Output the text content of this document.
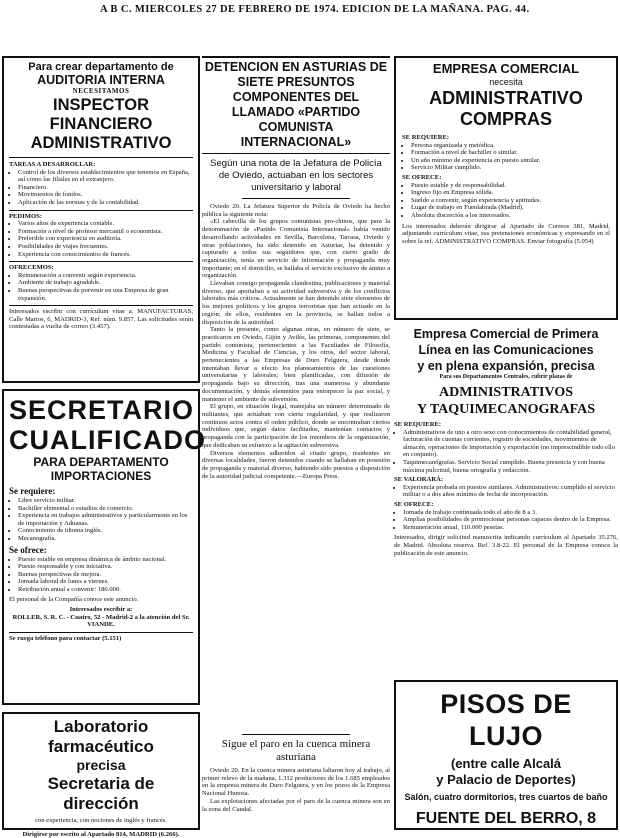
A B C. MIERCOLES 27 DE FEBRERO DE 1974. EDICION DE LA MAÑANA. PAG. 44.
Para crear departamento de
AUDITORIA INTERNA
NECESITAMOS
INSPECTOR FINANCIERO
ADMINISTRATIVO
TAREAS A DESARROLLAR:
• Control de los diversos establecimientos que tenemos en España, así como las filiales en el extranjero.
• Financiero.
• Movimientos de fondos.
• Aplicación de las normas y de la contabilidad.
PEDIMOS:
• Varios años de experiencia contable.
• Formación a nivel de profesor mercantil o economista.
• Preferible con experiencia en auditoría.
• Posibilidades de viajes frecuentes.
• Experiencia con conocimientos de francés.
OFRECEMOS:
• Remuneración a convenir según experiencia.
• Ambiente de trabajo agradable.
• Buenas perspectivas de porvenir en una Empresa de gran expansión.
Interesados escribir con currículum vitae a: MANUFACTURAS, Calle Martos, 6, MADRID-3, Ref. núm. 9.857. Las solicitudes serán contestadas a vuelta de correo (3.457).
SECRETARIO
CUALIFICADO
PARA DEPARTAMENTO
IMPORTACIONES
Se requiere:
• Libre servicio militar.
• Bachiller elemental o estudios de comercio.
• Experiencia en trabajos administrativos y particularmente en los de importación y Aduanas.
• Conocimiento de idioma inglés.
• Mecanografía.
Se ofrece:
• Puesto estable en empresa dinámica de ámbito nacional.
• Puesto responsable y con iniciativa.
• Buenas perspectivas de mejora.
• Jornada laboral de lunes a viernes.
• Retribución anual a convenir: 180.000.
El personal de la Compañía conoce este anuncio.
Interesados escribir a:
ROLLER, S. R. C. - Cuatro, 52 - Madrid-2 a la atención del Sr. VIANDE.
Se ruega teléfono para contactar (5.151)
Laboratorio farmacéutico
precisa
Secretaria de dirección
con experiencia, con nociones de inglés y francés.
Dirigirse por escrito al Apartado 814, MADRID (6.266).
DETENCION EN ASTURIAS DE SIETE PRESUNTOS COMPONENTES DEL LLAMADO «PARTIDO COMUNISTA INTERNACIONAL»
Según una nota de la Jefatura de Policía de Oviedo, actuaban en los sectores universitario y laboral

Oviedo 20. La Jefatura Superior de Policía de Oviedo ha hecho pública la siguiente nota:

«El cabecilla de los grupos comunistas pro-chinos, que para la denominación de «Partido Comunista Internacional» había venido desarrollando actividades en Sevilla, Barcelona, Tarrasa, Oviedo y otras poblaciones, ha sido detenido en Asturias, ha detenido y capturado a todos sus seguidores que, con cierto grado de organización, tenía un servicio de información y propaganda muy importante; en el domicilio, se hallaba el servicio exclusivo de ánimo a organización.

Llevaban consigo propaganda clandestina, publicaciones y material diverso, que aportaban a su actividad subversiva y de los conflictos laborales más críticos. Actualmente se han detenido siete elementos de los mejores políticos y los grupos terroristas que han actuado en la región; de ellos, residentes en la provincia, se hallan todos a disposición de la autoridad.

Tanto la presente, como algunas otras, en número de siete, se practicaron en Oviedo, Gijón y Avilés, las primeras, componentes del partido comunista, pertenecientes a las Facultades de Filosofía, Medicina y Facultad de Ciencias, y los otros, del sector laboral, pertenecientes a las Empresas de Duro Felguera, desde donde intentaban llevar a efecto los planteamientos de las cuestiones universitarias y laborales; bien planificadas, con difusión de propaganda bajo su dirección, tras una numerosa y abundante documentación, y demás elementos para entorpecer la paz social, y mantener el ambiente de subversión.

El grupo, en situación ilegal, manejaba un número determinado de militantes, que actuaban con cierta regularidad, y que realizaron continuos actos contra el orden público, donde se encontraban ciertos individuos que, según datos facilitados, mantenían contactos y propaganda con la participación de los miembros de la organización, que dedicaban su esfuerzo a la agitación subversiva.

Diversos elementos adheridos al citado grupo, residentes en diversas localidades, fueron detenidos cuando se hallaban en posesión de propaganda y material diverso, habiendo sido puestos a disposición de la autoridad judicial competente.—Europa Press.

Sigue el paro en la cuenca minera asturiana

Oviedo 20. En la cuenca minera asturiana faltaron hoy al trabajo, al primer relevo de la mañana, 1.312 productores de los 1.685 empleados en la empresa minera de Duro Felguera, y en los pozos de la Empresa Nacional Hunosa.

Las explotaciones afectadas por el paro de la cuenca minera son en la zona del Caudal.

EMPRESA COMERCIAL
necesita
ADMINISTRATIVO
COMPRAS
SE REQUIERE:
• Persona organizada y metódica.
• Formación a nivel de bachiller o similar.
• Un año mínimo de experiencia en puesto similar.
• Servicio Militar cumplido.
SE OFRECE:
• Puesto estable y de responsabilidad.
• Ingreso fijo en Empresa sólida.
• Sueldo a convenir, según experiencia y aptitudes.
• Lugar de trabajo en Fuenlabrada (Madrid).
• Absoluta discreción a los interesados.
Los interesados deberán dirigirse al Apartado de Correos 381, Madrid, adjuntando currículum vitae, sus pretensiones económicas y expresando en el sobre la ref. ADMINISTRATIVO COMPRAS. Enviar fotografía (5.054)
Empresa Comercial de Primera
Línea en las Comunicaciones
y en plena expansión, precisa
Para sus Departamentos Centrales, cubrir plazas de
ADMINISTRATIVOS
Y TAQUIMECANOGRAFAS
SE REQUIERE:
• Administrativos de uno a otro sexo con conocimientos de contabilidad general, facturación de cuentas corrientes, registro de sociedades, movimientos de almacén, operaciones de importación y exportación (no imprescindible todo ello en conjunto).
• Taquimecanógrafas. Servicio Social cumplido. Buena presencia y con buena máxima pulcritud, buena ortografía y redacción.
SE VALORARÁ:
• Experiencia probada en puestos similares. Administrativos: cumplido el servicio militar o a dos años mínimo de fecha de incorporación.
SE OFRECE:
• Jornada de trabajo continuada todo el año de 8 a 3.
• Amplias posibilidades de promocionar personas capaces dentro de la Empresa.
• Remuneración anual, 110.000 pesetas.
Interesados, dirigir solicitud manuscrita indicando currículum al Apartado 35.276, de Madrid. Absoluta reserva. Ref. 3.8-22. El personal de la Empresa conoce la publicación de este anuncio.
PISOS DE LUJO
(entre calle Alcalá
y Palacio de Deportes)
Salón, cuatro dormitorios, tres cuartos de baño
FUENTE DEL BERRO, 8
